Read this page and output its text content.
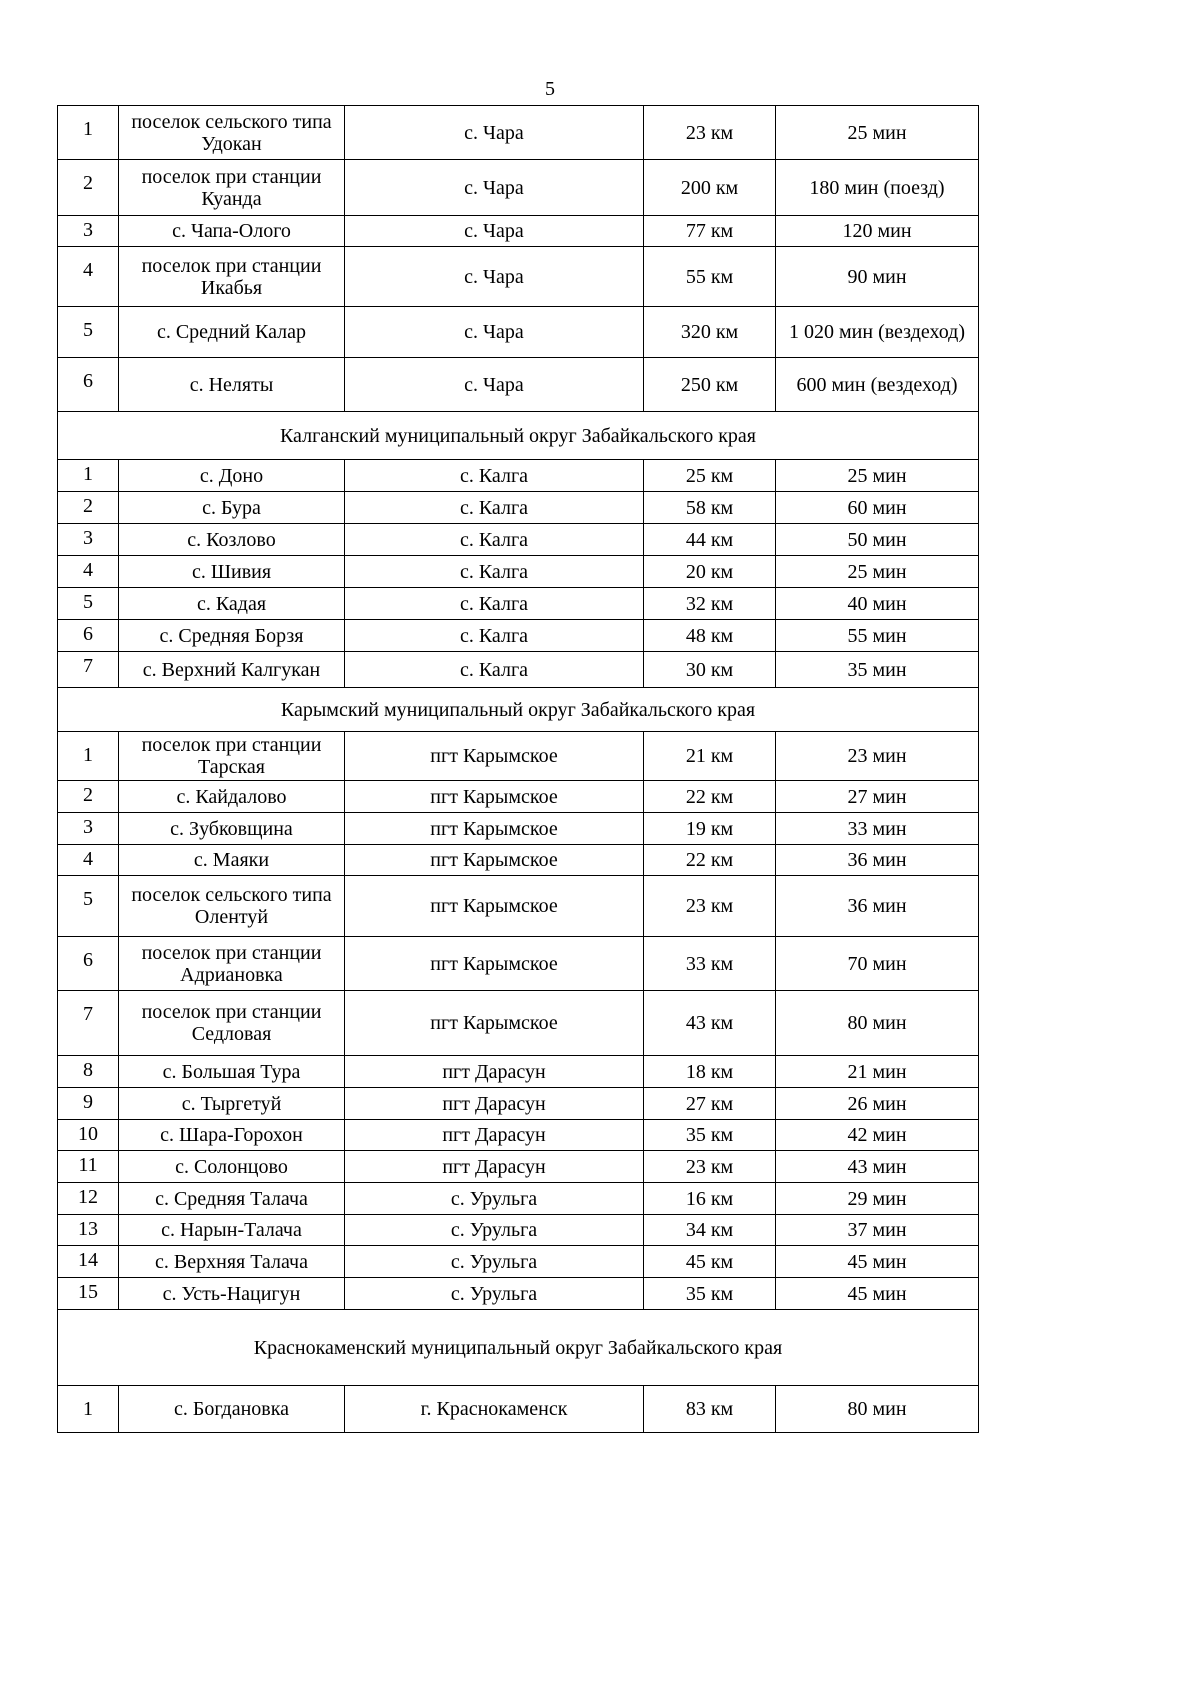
5
1	поселок сельского типа Удокан	с. Чара	23 км	25 мин
2	поселок при станции Куанда	с. Чара	200 км	180 мин (поезд)
3	с. Чапа-Олого	с. Чара	77 км	120 мин
4	поселок при станции Икабья	с. Чара	55 км	90 мин
5	с. Средний Калар	с. Чара	320 км	1 020 мин (вездеход)
6	с. Неляты	с. Чара	250 км	600 мин (вездеход)
Калганский муниципальный округ Забайкальского края				
1	с. Доно	с. Калга	25 км	25 мин
2	с. Бура	с. Калга	58 км	60 мин
3	с. Козлово	с. Калга	44 км	50 мин
4	с. Шивия	с. Калга	20 км	25 мин
5	с. Кадая	с. Калга	32 км	40 мин
6	с. Средняя Борзя	с. Калга	48 км	55 мин
7	с. Верхний Калгукан	с. Калга	30 км	35 мин
Карымский муниципальный округ Забайкальского края				
1	поселок при станции Тарская	пгт Карымское	21 км	23 мин
2	с. Кайдалово	пгт Карымское	22 км	27 мин
3	с. Зубковщина	пгт Карымское	19 км	33 мин
4	с. Маяки	пгт Карымское	22 км	36 мин
5	поселок сельского типа Олентуй	пгт Карымское	23 км	36 мин
6	поселок при станции Адриановка	пгт Карымское	33 км	70 мин
7	поселок при станции Седловая	пгт Карымское	43 км	80 мин
8	с. Большая Тура	пгт Дарасун	18 км	21 мин
9	с. Тыргетуй	пгт Дарасун	27 км	26 мин
10	с. Шара-Горохон	пгт Дарасун	35 км	42 мин
11	с. Солонцово	пгт Дарасун	23 км	43 мин
12	с. Средняя Талача	с. Урульга	16 км	29 мин
13	с. Нарын-Талача	с. Урульга	34 км	37 мин
14	с. Верхняя Талача	с. Урульга	45 км	45 мин
15	с. Усть-Нацигун	с. Урульга	35 км	45 мин
Краснокаменский муниципальный округ Забайкальского края				
1	с. Богдановка	г. Краснокаменск	83 км	80 мин
